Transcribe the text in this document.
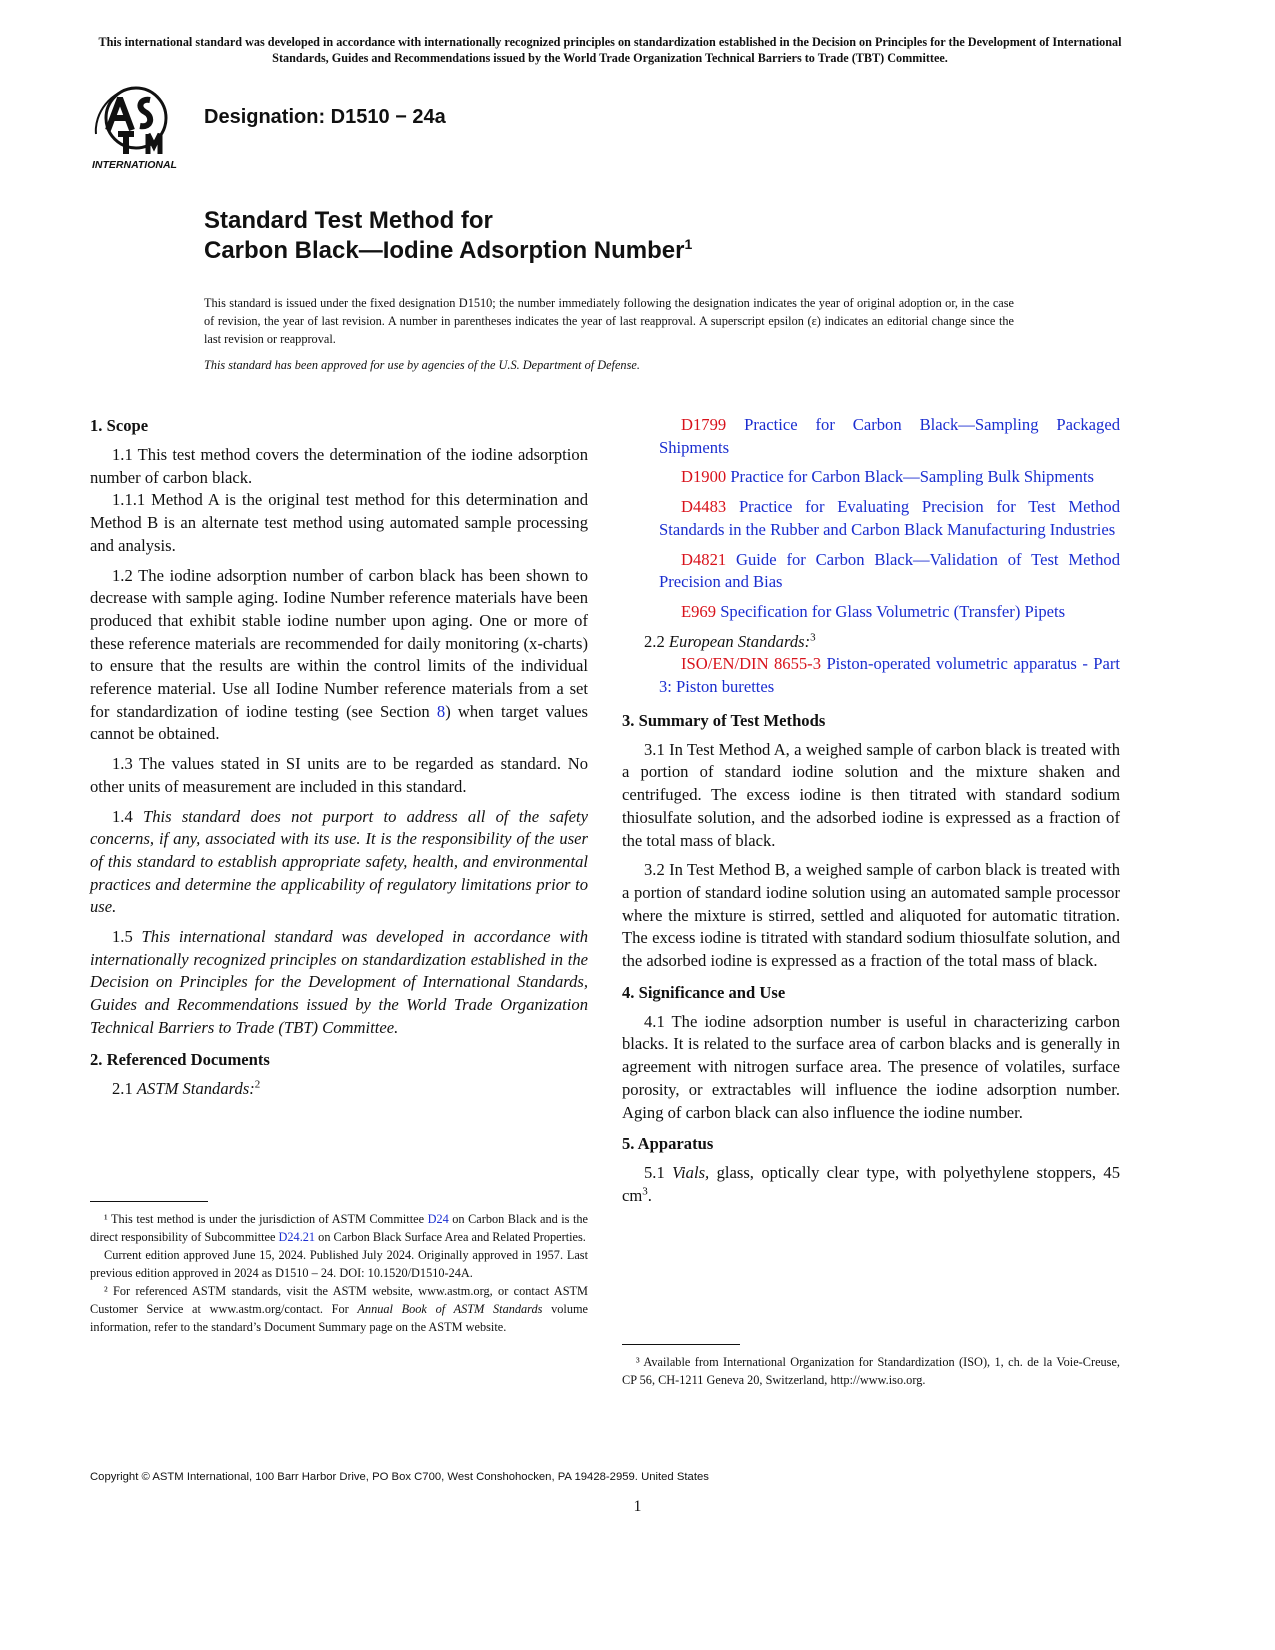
This international standard was developed in accordance with internationally recognized principles on standardization established in the Decision on Principles for the Development of International Standards, Guides and Recommendations issued by the World Trade Organization Technical Barriers to Trade (TBT) Committee.
INTERNATIONAL
Designation: D1510 − 24a
Standard Test Method for
Carbon Black—Iodine Adsorption Number$^1$
This standard is issued under the fixed designation D1510; the number immediately following the designation indicates the year of original adoption or, in the case of revision, the year of last revision. A number in parentheses indicates the year of last reapproval. A superscript epsilon (ε) indicates an editorial change since the last revision or reapproval.
This standard has been approved for use by agencies of the U.S. Department of Defense.
1. Scope

1.1 This test method covers the determination of the iodine adsorption number of carbon black.

1.1.1 Method A is the original test method for this determination and Method B is an alternate test method using automated sample processing and analysis.

1.2 The iodine adsorption number of carbon black has been shown to decrease with sample aging. Iodine Number reference materials have been produced that exhibit stable iodine number upon aging. One or more of these reference materials are recommended for daily monitoring (x-charts) to ensure that the results are within the control limits of the individual reference material. Use all Iodine Number reference materials from a set for standardization of iodine testing (see Section 8) when target values cannot be obtained.

1.3 The values stated in SI units are to be regarded as standard. No other units of measurement are included in this standard.

1.4 This standard does not purport to address all of the safety concerns, if any, associated with its use. It is the responsibility of the user of this standard to establish appropriate safety, health, and environmental practices and determine the applicability of regulatory limitations prior to use.

1.5 This international standard was developed in accordance with internationally recognized principles on standardization established in the Decision on Principles for the Development of International Standards, Guides and Recommendations issued by the World Trade Organization Technical Barriers to Trade (TBT) Committee.

2. Referenced Documents

2.1 ASTM Standards:$^2$

¹ This test method is under the jurisdiction of ASTM Committee D24 on Carbon Black and is the direct responsibility of Subcommittee D24.21 on Carbon Black Surface Area and Related Properties.

Current edition approved June 15, 2024. Published July 2024. Originally approved in 1957. Last previous edition approved in 2024 as D1510 – 24. DOI: 10.1520/D1510-24A.

² For referenced ASTM standards, visit the ASTM website, www.astm.org, or contact ASTM Customer Service at www.astm.org/contact. For Annual Book of ASTM Standards volume information, refer to the standard’s Document Summary page on the ASTM website.

D1799 Practice for Carbon Black—Sampling Packaged Shipments

D1900 Practice for Carbon Black—Sampling Bulk Shipments

D4483 Practice for Evaluating Precision for Test Method Standards in the Rubber and Carbon Black Manufacturing Industries

D4821 Guide for Carbon Black—Validation of Test Method Precision and Bias

E969 Specification for Glass Volumetric (Transfer) Pipets

2.2 European Standards:$^3$

ISO/EN/DIN 8655-3 Piston-operated volumetric apparatus - Part 3: Piston burettes

3. Summary of Test Methods

3.1 In Test Method A, a weighed sample of carbon black is treated with a portion of standard iodine solution and the mixture shaken and centrifuged. The excess iodine is then titrated with standard sodium thiosulfate solution, and the adsorbed iodine is expressed as a fraction of the total mass of black.

3.2 In Test Method B, a weighed sample of carbon black is treated with a portion of standard iodine solution using an automated sample processor where the mixture is stirred, settled and aliquoted for automatic titration. The excess iodine is titrated with standard sodium thiosulfate solution, and the adsorbed iodine is expressed as a fraction of the total mass of black.

4. Significance and Use

4.1 The iodine adsorption number is useful in characterizing carbon blacks. It is related to the surface area of carbon blacks and is generally in agreement with nitrogen surface area. The presence of volatiles, surface porosity, or extractables will influence the iodine adsorption number. Aging of carbon black can also influence the iodine number.

5. Apparatus

5.1 Vials, glass, optically clear type, with polyethylene stoppers, 45 $cm^3$.

³ Available from International Organization for Standardization (ISO), 1, ch. de la Voie-Creuse, CP 56, CH-1211 Geneva 20, Switzerland, http://www.iso.org.

Copyright © ASTM International, 100 Barr Harbor Drive, PO Box C700, West Conshohocken, PA 19428-2959. United States
1
